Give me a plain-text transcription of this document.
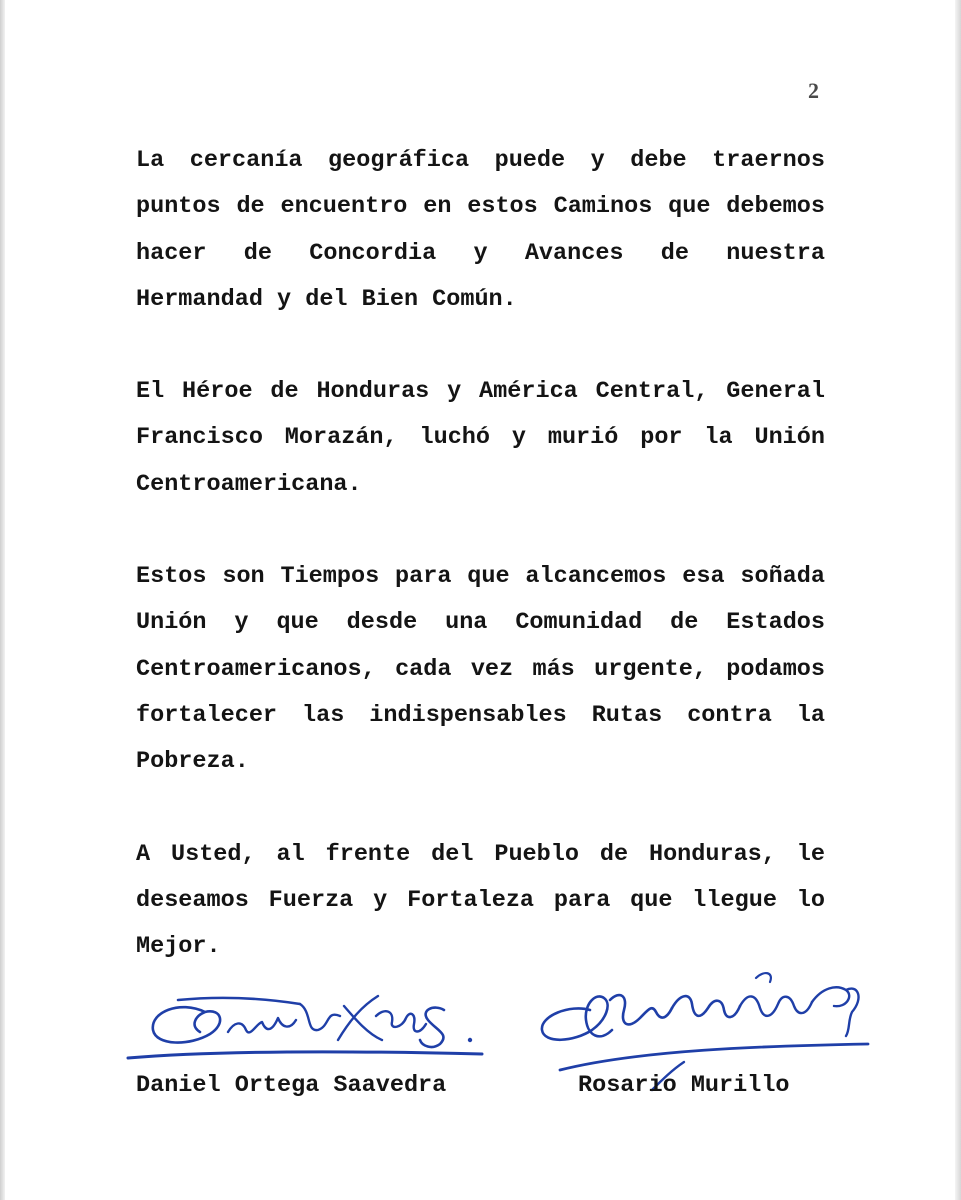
2

La cercanía geográfica puede y debe traernos puntos de encuentro en estos Caminos que debemos hacer de Concordia y Avances de nuestra Hermandad y del Bien Común.

El Héroe de Honduras y América Central, General Francisco Morazán, luchó y murió por la Unión Centroamericana.

Estos son Tiempos para que alcancemos esa soñada Unión y que desde una Comunidad de Estados Centroamericanos, cada vez más urgente, podamos fortalecer las indispensables Rutas contra la Pobreza.

A Usted, al frente del Pueblo de Honduras, le deseamos Fuerza y Fortaleza para que llegue lo Mejor.

Daniel Ortega Saavedra	Rosario Murillo
